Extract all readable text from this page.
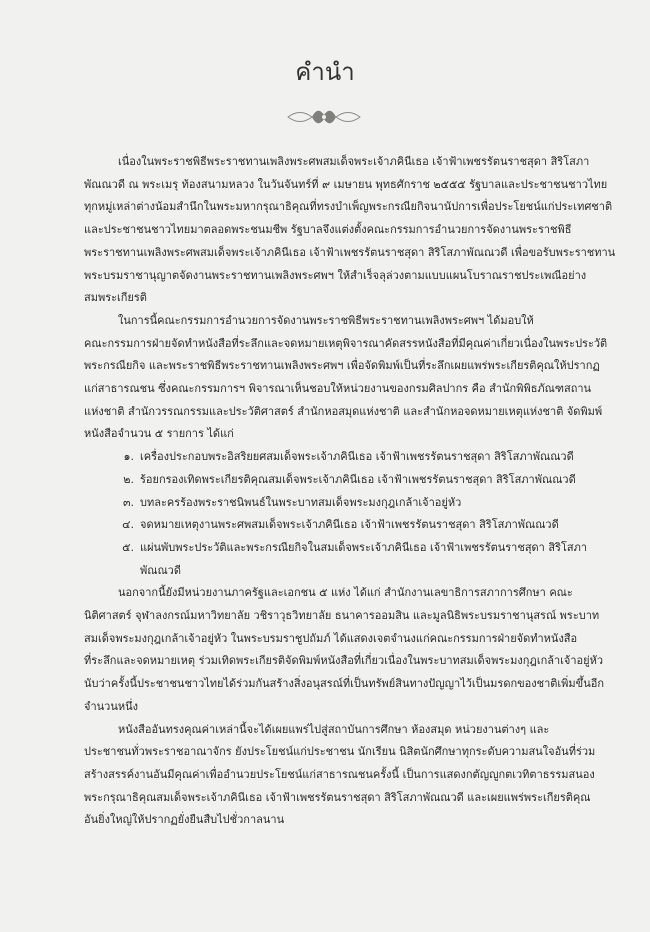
คำนำ

เนื่องในพระราชพิธีพระราชทานเพลิงพระศพสมเด็จพระเจ้าภคินีเธอ เจ้าฟ้าเพชรรัตนราชสุดา สิริโสภา
พัณณวดี ณ พระเมรุ ท้องสนามหลวง ในวันจันทร์ที่ ๙ เมษายน พุทธศักราช ๒๕๕๕ รัฐบาลและประชาชนชาวไทย
ทุกหมู่เหล่าต่างน้อมสำนึกในพระมหากรุณาธิคุณที่ทรงบำเพ็ญพระกรณียกิจนานัปการเพื่อประโยชน์แก่ประเทศชาติ
และประชาชนชาวไทยมาตลอดพระชนมชีพ รัฐบาลจึงแต่งตั้งคณะกรรมการอำนวยการจัดงานพระราชพิธี
พระราชทานเพลิงพระศพสมเด็จพระเจ้าภคินีเธอ เจ้าฟ้าเพชรรัตนราชสุดา สิริโสภาพัณณวดี เพื่อขอรับพระราชทาน
พระบรมราชานุญาตจัดงานพระราชทานเพลิงพระศพฯ ให้สำเร็จลุล่วงตามแบบแผนโบราณราชประเพณีอย่าง
สมพระเกียรติ

ในการนี้คณะกรรมการอำนวยการจัดงานพระราชพิธีพระราชทานเพลิงพระศพฯ ได้มอบให้
คณะกรรมการฝ่ายจัดทำหนังสือที่ระลึกและจดหมายเหตุพิจารณาคัดสรรหนังสือที่มีคุณค่าเกี่ยวเนื่องในพระประวัติ
พระกรณียกิจ และพระราชพิธีพระราชทานเพลิงพระศพฯ เพื่อจัดพิมพ์เป็นที่ระลึกเผยแพร่พระเกียรติคุณให้ปรากฏ
แก่สาธารณชน ซึ่งคณะกรรมการฯ พิจารณาเห็นชอบให้หน่วยงานของกรมศิลปากร คือ สำนักพิพิธภัณฑสถาน
แห่งชาติ สำนักวรรณกรรมและประวัติศาสตร์ สำนักหอสมุดแห่งชาติ และสำนักหอจดหมายเหตุแห่งชาติ จัดพิมพ์
หนังสือจำนวน ๕ รายการ ได้แก่

๑. เครื่องประกอบพระอิสริยยศสมเด็จพระเจ้าภคินีเธอ เจ้าฟ้าเพชรรัตนราชสุดา สิริโสภาพัณณวดี
๒. ร้อยกรองเทิดพระเกียรติคุณสมเด็จพระเจ้าภคินีเธอ เจ้าฟ้าเพชรรัตนราชสุดา สิริโสภาพัณณวดี
๓. บทละครร้องพระราชนิพนธ์ในพระบาทสมเด็จพระมงกุฎเกล้าเจ้าอยู่หัว
๔. จดหมายเหตุงานพระศพสมเด็จพระเจ้าภคินีเธอ เจ้าฟ้าเพชรรัตนราชสุดา สิริโสภาพัณณวดี
๕. แผ่นพับพระประวัติและพระกรณียกิจในสมเด็จพระเจ้าภคินีเธอ เจ้าฟ้าเพชรรัตนราชสุดา สิริโสภา
พัณณวดี

นอกจากนี้ยังมีหน่วยงานภาครัฐและเอกชน ๕ แห่ง ได้แก่ สำนักงานเลขาธิการสภาการศึกษา คณะ
นิติศาสตร์ จุฬาลงกรณ์มหาวิทยาลัย วชิราวุธวิทยาลัย ธนาคารออมสิน และมูลนิธิพระบรมราชานุสรณ์ พระบาท
สมเด็จพระมงกุฎเกล้าเจ้าอยู่หัว ในพระบรมราชูปถัมภ์ ได้แสดงเจตจำนงแก่คณะกรรมการฝ่ายจัดทำหนังสือ
ที่ระลึกและจดหมายเหตุ ร่วมเทิดพระเกียรติจัดพิมพ์หนังสือที่เกี่ยวเนื่องในพระบาทสมเด็จพระมงกุฎเกล้าเจ้าอยู่หัว
นับว่าครั้งนี้ประชาชนชาวไทยได้ร่วมกันสร้างสิ่งอนุสรณ์ที่เป็นทรัพย์สินทางปัญญาไว้เป็นมรดกของชาติเพิ่มขึ้นอีก
จำนวนหนึ่ง

หนังสืออันทรงคุณค่าเหล่านี้จะได้เผยแพร่ไปสู่สถาบันการศึกษา ห้องสมุด หน่วยงานต่างๆ และ
ประชาชนทั่วพระราชอาณาจักร ยังประโยชน์แก่ประชาชน นักเรียน นิสิตนักศึกษาทุกระดับความสนใจอันที่ร่วม
สร้างสรรค์งานอันมีคุณค่าเพื่ออำนวยประโยชน์แก่สาธารณชนครั้งนี้ เป็นการแสดงกตัญญูกตเวทิตาธรรมสนอง
พระกรุณาธิคุณสมเด็จพระเจ้าภคินีเธอ เจ้าฟ้าเพชรรัตนราชสุดา สิริโสภาพัณณวดี และเผยแพร่พระเกียรติคุณ
อันยิ่งใหญ่ให้ปรากฏยั่งยืนสืบไปชั่วกาลนาน
